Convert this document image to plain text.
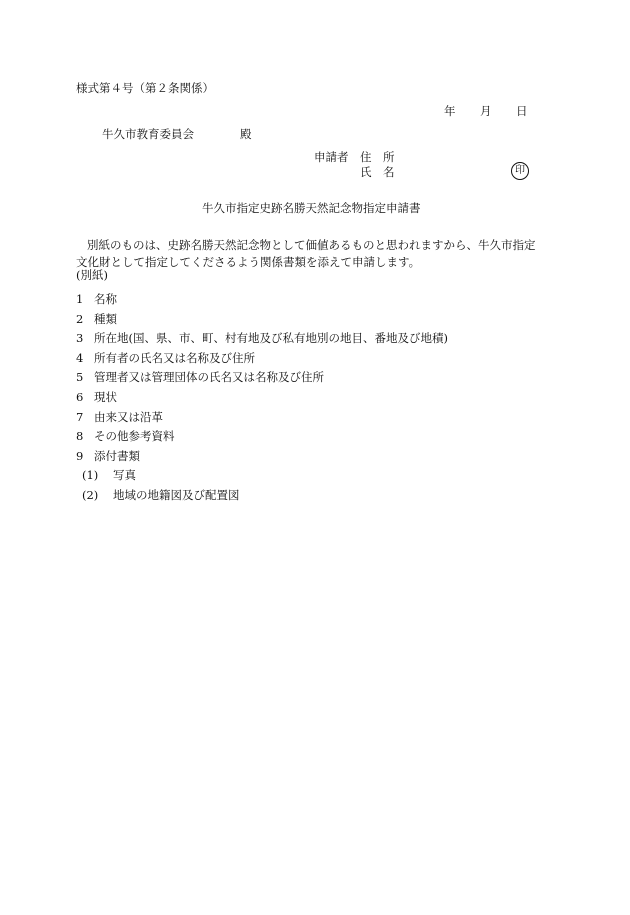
様式第４号（第２条関係）
年 月 日
牛久市教育委員会	殿
申請者 住　所
氏　名	印
牛久市指定史跡名勝天然記念物指定申請書
別紙のものは、史跡名勝天然記念物として価値あるものと思われますから、牛久市指定文化財として指定してくださるよう関係書類を添えて申請します。
(別紙)
1 名称
2 種類
3 所在地(国、県、市、町、村有地及び私有地別の地目、番地及び地積)
4 所有者の氏名又は名称及び住所
5 管理者又は管理団体の氏名又は名称及び住所
6 現状
7 由来又は沿革
8 その他参考資料
9 添付書類
(1) 写真
(2) 地域の地籍図及び配置図
